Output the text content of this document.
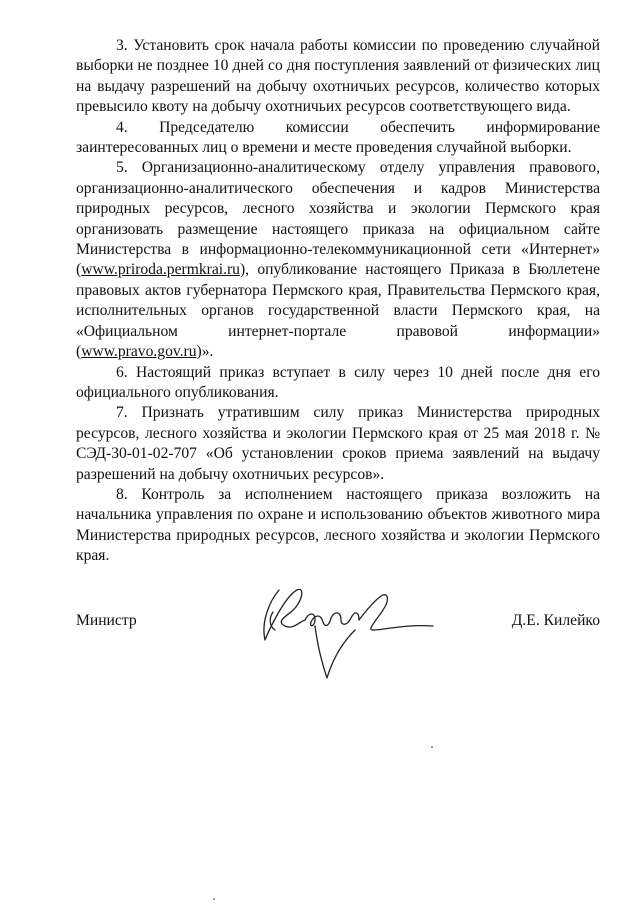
3. Установить срок начала работы комиссии по проведению случайной выборки не позднее 10 дней со дня поступления заявлений от физических лиц на выдачу разрешений на добычу охотничьих ресурсов, количество которых превысило квоту на добычу охотничьих ресурсов соответствующего вида.

4. Председателю комиссии обеспечить информирование заинтересованных лиц о времени и месте проведения случайной выборки.

5. Организационно-аналитическому отделу управления правового, организационно-аналитического обеспечения и кадров Министерства природных ресурсов, лесного хозяйства и экологии Пермского края организовать размещение настоящего приказа на официальном сайте Министерства в информационно-телекоммуникационной сети «Интернет» (www.priroda.permkrai.ru), опубликование настоящего Приказа в Бюллетене правовых актов губернатора Пермского края, Правительства Пермского края, исполнительных органов государственной власти Пермского края, на «Официальном интернет-портале правовой информации» (www.pravo.gov.ru)».

6. Настоящий приказ вступает в силу через 10 дней после дня его официального опубликования.

7. Признать утратившим силу приказ Министерства природных ресурсов, лесного хозяйства и экологии Пермского края от 25 мая 2018 г. № СЭД-30-01-02-707 «Об установлении сроков приема заявлений на выдачу разрешений на добычу охотничьих ресурсов».

8. Контроль за исполнением настоящего приказа возложить на начальника управления по охране и использованию объектов животного мира Министерства природных ресурсов, лесного хозяйства и экологии Пермского края.

Министр	Д.Е. Килейко
